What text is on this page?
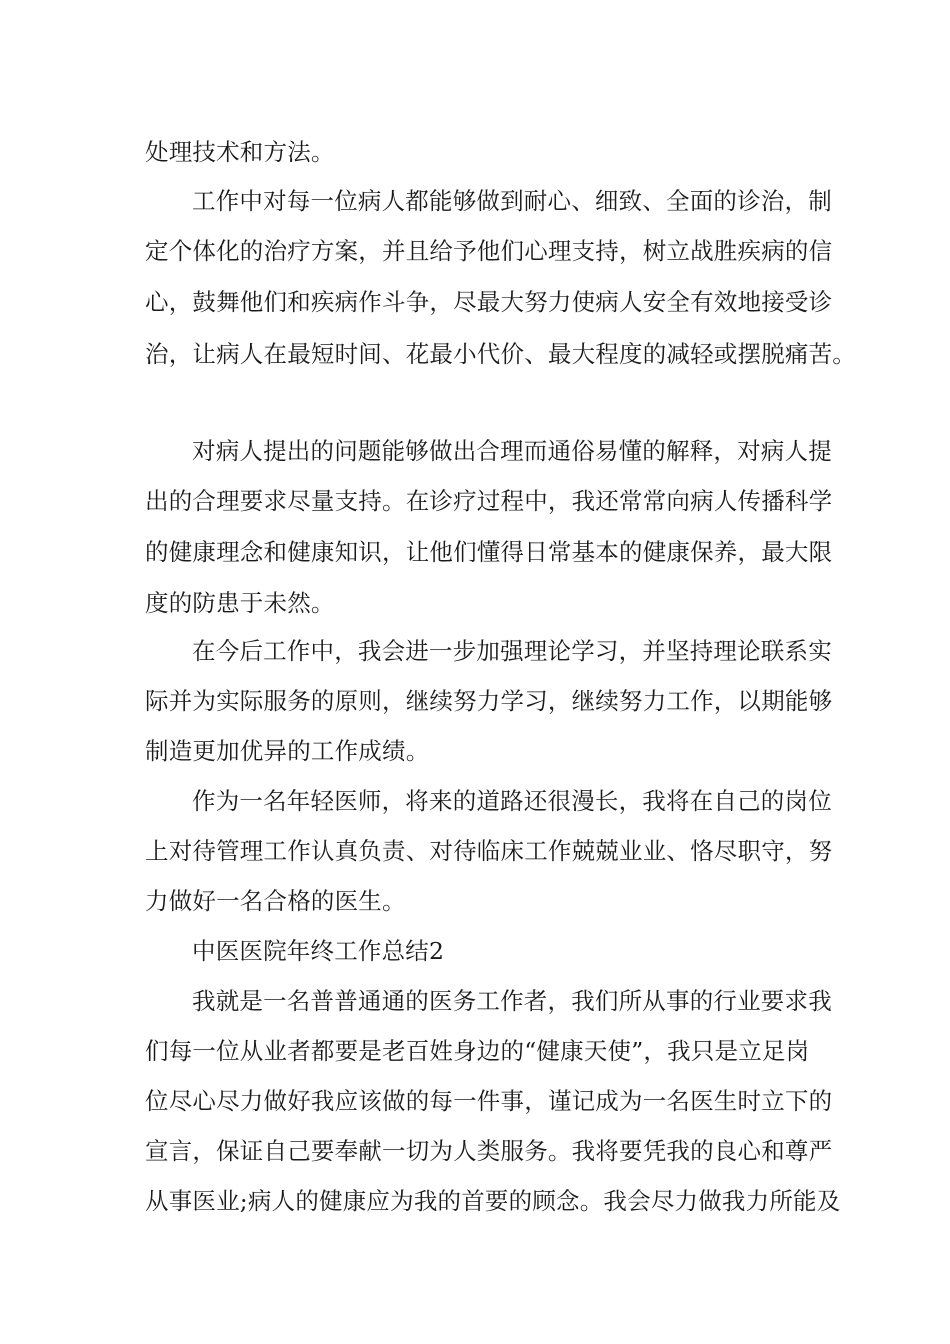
处理技术和方法。
工作中对每一位病人都能够做到耐心、细致、全面的诊治，制
定个体化的治疗方案，并且给予他们心理支持，树立战胜疾病的信
心，鼓舞他们和疾病作斗争，尽最大努力使病人安全有效地接受诊
治，让病人在最短时间、花最小代价、最大程度的减轻或摆脱痛苦。
对病人提出的问题能够做出合理而通俗易懂的解释，对病人提
出的合理要求尽量支持。在诊疗过程中，我还常常向病人传播科学
的健康理念和健康知识，让他们懂得日常基本的健康保养，最大限
度的防患于未然。
在今后工作中，我会进一步加强理论学习，并坚持理论联系实
际并为实际服务的原则，继续努力学习，继续努力工作，以期能够
制造更加优异的工作成绩。
作为一名年轻医师，将来的道路还很漫长，我将在自己的岗位
上对待管理工作认真负责、对待临床工作兢兢业业、恪尽职守，努
力做好一名合格的医生。
中医医院年终工作总结2
我就是一名普普通通的医务工作者，我们所从事的行业要求我
们每一位从业者都要是老百姓身边的“健康天使”，我只是立足岗
位尽心尽力做好我应该做的每一件事，谨记成为一名医生时立下的
宣言，保证自己要奉献一切为人类服务。我将要凭我的良心和尊严
从事医业;病人的健康应为我的首要的顾念。我会尽力做我力所能及
